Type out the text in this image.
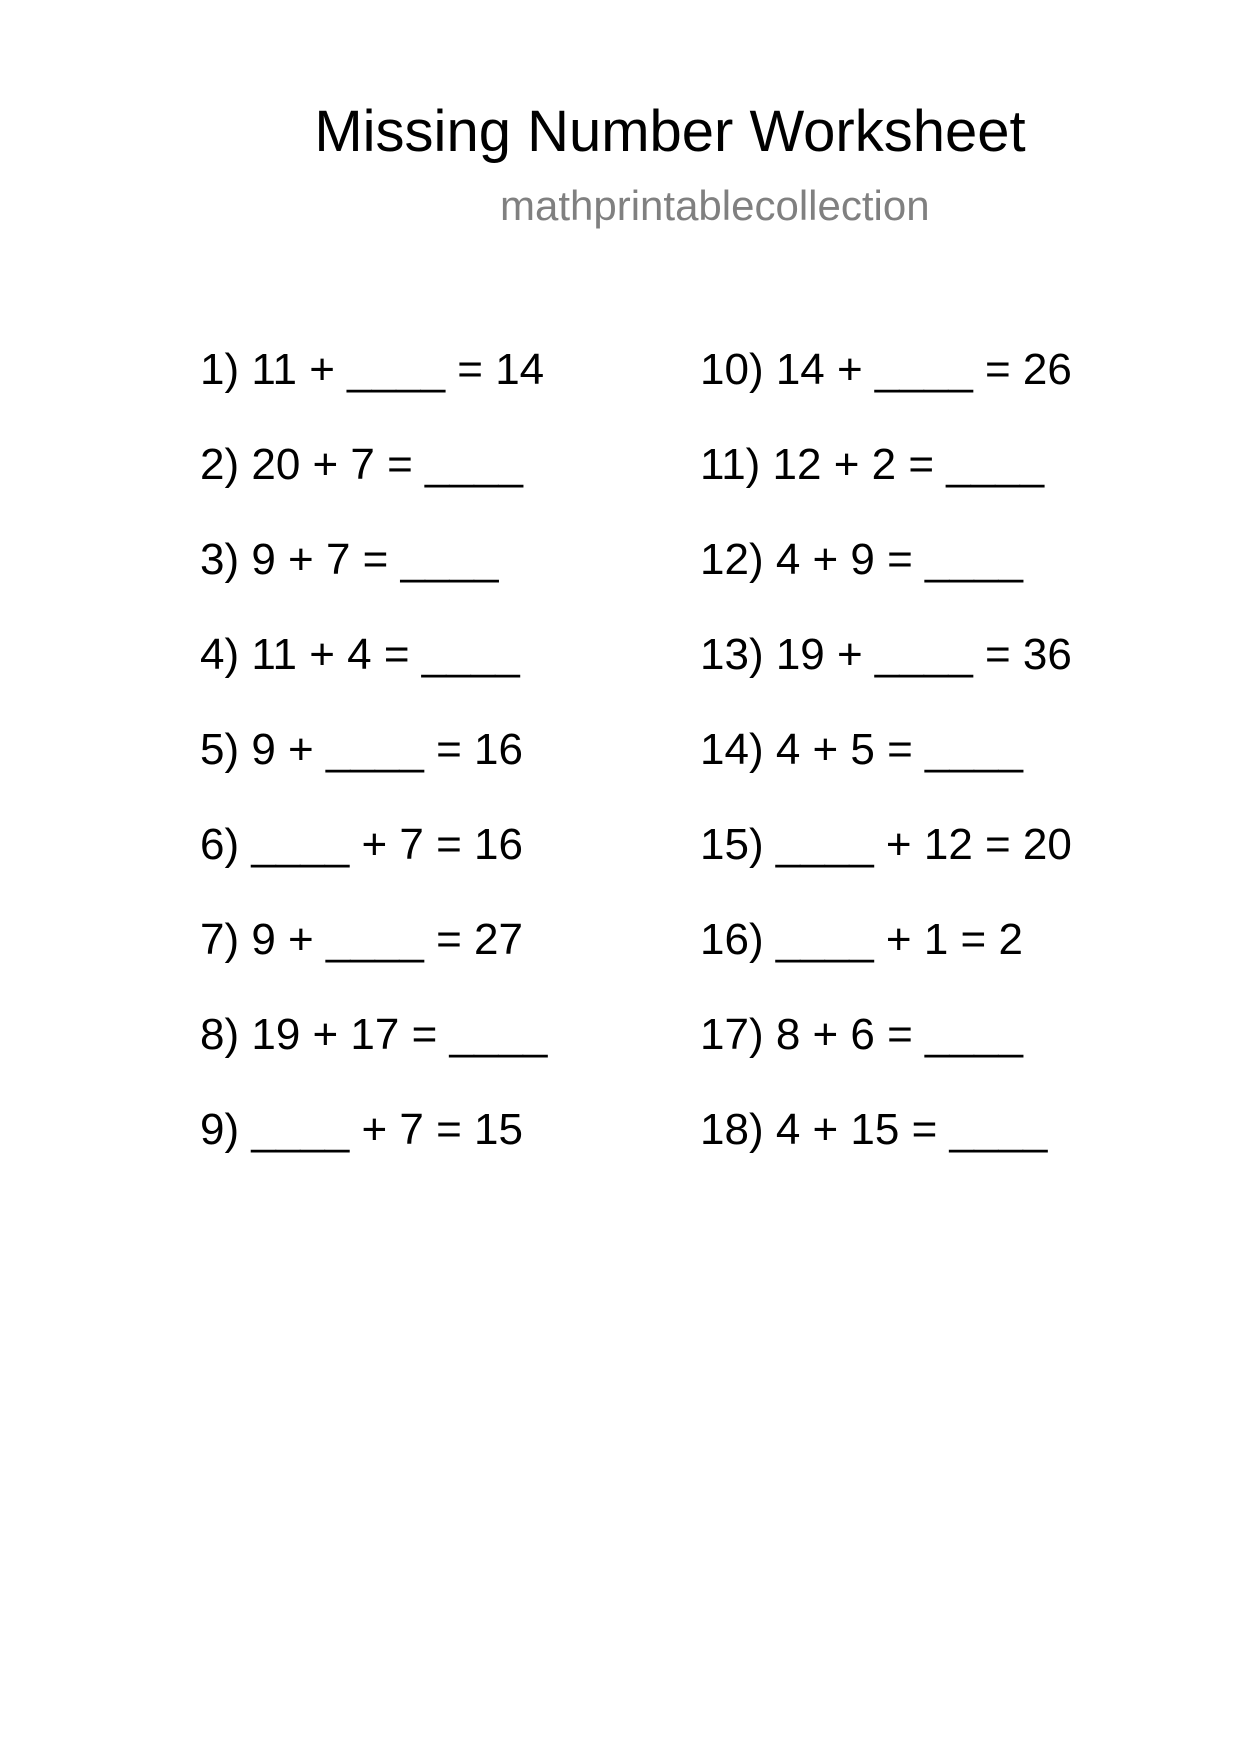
Missing Number Worksheet
mathprintablecollection
1) 11 + ____ = 14
2) 20 + 7 = ____
3) 9 + 7 = ____
4) 11 + 4 = ____
5) 9 + ____ = 16
6) ____ + 7 = 16
7) 9 + ____ = 27
8) 19 + 17 = ____
9) ____ + 7 = 15
10) 14 + ____ = 26
11) 12 + 2 = ____
12) 4 + 9 = ____
13) 19 + ____ = 36
14) 4 + 5 = ____
15) ____ + 12 = 20
16) ____ + 1 = 2
17) 8 + 6 = ____
18) 4 + 15 = ____
